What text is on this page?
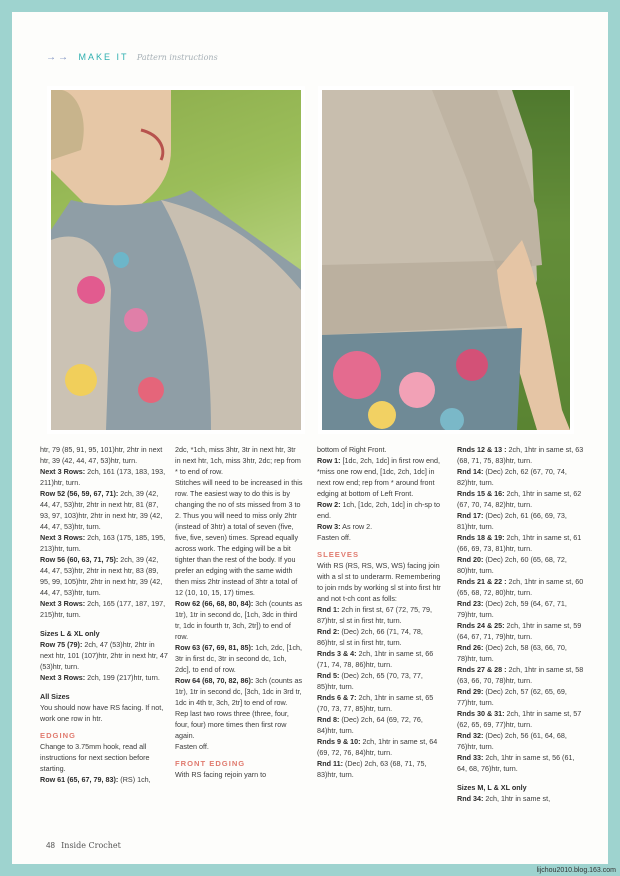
→→ MAKE IT Pattern instructions

htr, 79 (85, 91, 95, 101)htr, 2htr in next htr, 39 (42, 44, 47, 53)htr, turn.

Next 3 Rows: 2ch, 161 (173, 183, 193, 211)htr, turn.

Row 52 (56, 59, 67, 71): 2ch, 39 (42, 44, 47, 53)htr, 2htr in next htr, 81 (87, 93, 97, 103)htr, 2htr in next htr, 39 (42, 44, 47, 53)htr, turn.

Next 3 Rows: 2ch, 163 (175, 185, 195, 213)htr, turn.

Row 56 (60, 63, 71, 75): 2ch, 39 (42, 44, 47, 53)htr, 2htr in next htr, 83 (89, 95, 99, 105)htr, 2htr in next htr, 39 (42, 44, 47, 53)htr, turn.

Next 3 Rows: 2ch, 165 (177, 187, 197, 215)htr, turn.

Sizes L & XL only

Row 75 (79): 2ch, 47 (53)htr, 2htr in next htr, 101 (107)htr, 2htr in next htr, 47 (53)htr, turn.

Next 3 Rows: 2ch, 199 (217)htr, turn.

All Sizes

You should now have RS facing. If not, work one row in htr.

EDGING

Change to 3.75mm hook, read all instructions for next section before starting.

Row 61 (65, 67, 79, 83): (RS) 1ch,

2dc, *1ch, miss 3htr, 3tr in next htr, 3tr in next htr, 1ch, miss 3htr, 2dc; rep from * to end of row.

Stitches will need to be increased in this row. The easiest way to do this is by changing the no of sts missed from 3 to 2. Thus you will need to miss only 2htr (instead of 3htr) a total of seven (five, five, five, seven) times. Spread equally across work. The edging will be a bit tighter than the rest of the body. If you prefer an edging with the same width then miss 2htr instead of 3htr a total of 12 (10, 10, 15, 17) times.

Row 62 (66, 68, 80, 84): 3ch (counts as 1tr), 1tr in second dc, [1ch, 3dc in third tr, 1dc in fourth tr, 3ch, 2tr]) to end of row.

Row 63 (67, 69, 81, 85): 1ch, 2dc, [1ch, 3tr in first dc, 3tr in second dc, 1ch, 2dc], to end of row.

Row 64 (68, 70, 82, 86): 3ch (counts as 1tr), 1tr in second dc, [3ch, 1dc in 3rd tr, 1dc in 4th tr, 3ch, 2tr] to end of row.

Rep last two rows three (three, four, four, four) more times then first row again.

Fasten off.

FRONT EDGING

With RS facing rejoin yarn to

bottom of Right Front.

Row 1: [1dc, 2ch, 1dc] in first row end, *miss one row end, [1dc, 2ch, 1dc] in next row end; rep from * around front edging at bottom of Left Front.

Row 2: 1ch, [1dc, 2ch, 1dc] in ch-sp to end.

Row 3: As row 2.

Fasten off.

SLEEVES

With RS (RS, RS, WS, WS) facing join with a sl st to underarm. Remembering to join rnds by working sl st into first htr and not t-ch cont as folls:

Rnd 1: 2ch in first st, 67 (72, 75, 79, 87)htr, sl st in first htr, turn.

Rnd 2: (Dec) 2ch, 66 (71, 74, 78, 86)htr, sl st in first htr, turn.

Rnds 3 & 4: 2ch, 1htr in same st, 66 (71, 74, 78, 86)htr, turn.

Rnd 5: (Dec) 2ch, 65 (70, 73, 77, 85)htr, turn.

Rnds 6 & 7: 2ch, 1htr in same st, 65 (70, 73, 77, 85)htr, turn.

Rnd 8: (Dec) 2ch, 64 (69, 72, 76, 84)htr, turn.

Rnds 9 & 10: 2ch, 1htr in same st, 64 (69, 72, 76, 84)htr, turn.

Rnd 11: (Dec) 2ch, 63 (68, 71, 75, 83)htr, turn.

Rnds 12 & 13 : 2ch, 1htr in same st, 63 (68, 71, 75, 83)htr, turn.

Rnd 14: (Dec) 2ch, 62 (67, 70, 74, 82)htr, turn.

Rnds 15 & 16: 2ch, 1htr in same st, 62 (67, 70, 74, 82)htr, turn.

Rnd 17: (Dec) 2ch, 61 (66, 69, 73, 81)htr, turn.

Rnds 18 & 19: 2ch, 1htr in same st, 61 (66, 69, 73, 81)htr, turn.

Rnd 20: (Dec) 2ch, 60 (65, 68, 72, 80)htr, turn.

Rnds 21 & 22 : 2ch, 1htr in same st, 60 (65, 68, 72, 80)htr, turn.

Rnd 23: (Dec) 2ch, 59 (64, 67, 71, 79)htr, turn.

Rnds 24 & 25: 2ch, 1htr in same st, 59 (64, 67, 71, 79)htr, turn.

Rnd 26: (Dec) 2ch, 58 (63, 66, 70, 78)htr, turn.

Rnds 27 & 28 : 2ch, 1htr in same st, 58 (63, 66, 70, 78)htr, turn.

Rnd 29: (Dec) 2ch, 57 (62, 65, 69, 77)htr, turn.

Rnds 30 & 31: 2ch, 1htr in same st, 57 (62, 65, 69, 77)htr, turn.

Rnd 32: (Dec) 2ch, 56 (61, 64, 68, 76)htr, turn.

Rnd 33: 2ch, 1htr in same st, 56 (61, 64, 68, 76)htr, turn.

Sizes M, L & XL only

Rnd 34: 2ch, 1htr in same st,

48 Inside Crochet
lijchou2010.blog.163.com
